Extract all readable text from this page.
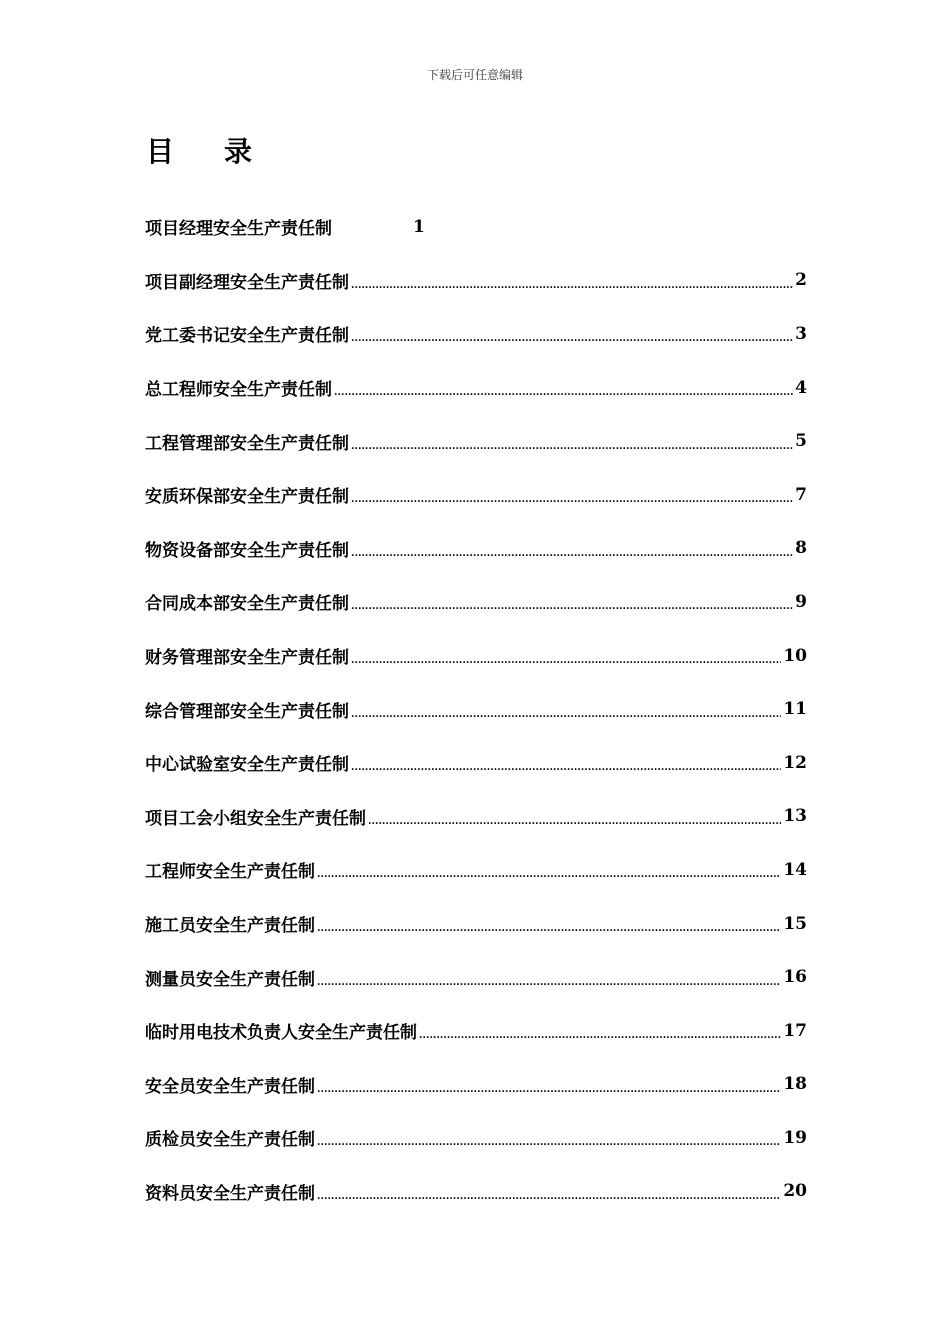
下载后可任意编辑
目录
项目经理安全生产责任制	1
项目副经理安全生产责任制 .....	2
党工委书记安全生产责任制 .....	3
总工程师安全生产责任制 .....	4
工程管理部安全生产责任制 .....	5
安质环保部安全生产责任制 .....	7
物资设备部安全生产责任制 .....	8
合同成本部安全生产责任制 .....	9
财务管理部安全生产责任制 .....	10
综合管理部安全生产责任制 .....	11
中心试验室安全生产责任制 .....	12
项目工会小组安全生产责任制 .....	13
工程师安全生产责任制 .....	14
施工员安全生产责任制 .....	15
测量员安全生产责任制 .....	16
临时用电技术负责人安全生产责任制 .....	17
安全员安全生产责任制 .....	18
质检员安全生产责任制 .....	19
资料员安全生产责任制 .....	20
